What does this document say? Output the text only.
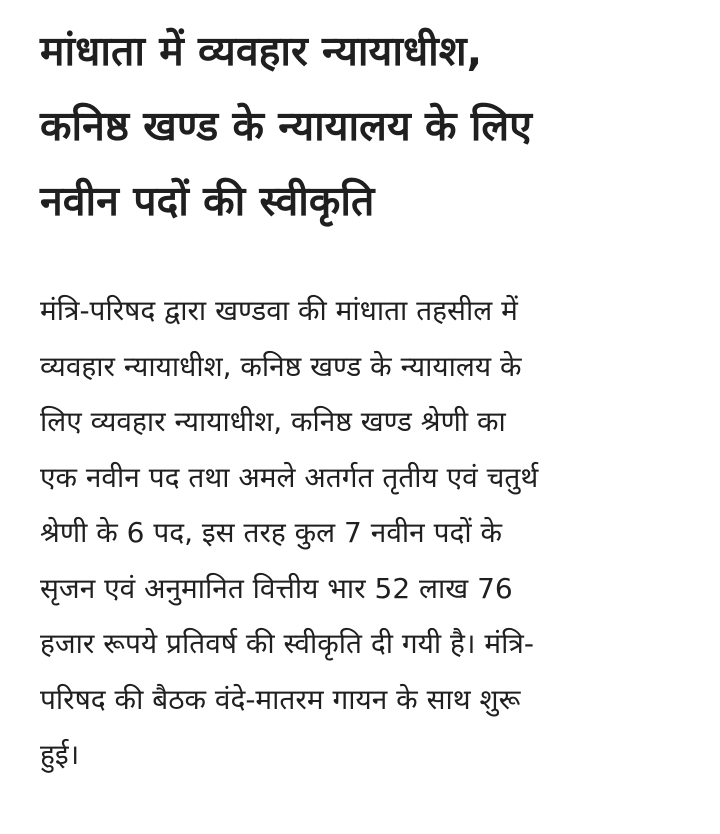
मांधाता में व्यवहार न्यायाधीश,
कनिष्ठ खण्ड के न्यायालय के लिए
नवीन पदों की स्वीकृति

मंत्रि-परिषद द्वारा खण्डवा की मांधाता तहसील में
व्यवहार न्यायाधीश, कनिष्ठ खण्ड के न्यायालय के
लिए व्यवहार न्यायाधीश, कनिष्ठ खण्ड श्रेणी का
एक नवीन पद तथा अमले अतर्गत तृतीय एवं चतुर्थ
श्रेणी के 6 पद, इस तरह कुल 7 नवीन पदों के
सृजन एवं अनुमानित वित्तीय भार 52 लाख 76
हजार रूपये प्रतिवर्ष की स्वीकृति दी गयी है। मंत्रि-
परिषद की बैठक वंदे-मातरम गायन के साथ शुरू
हुई।
